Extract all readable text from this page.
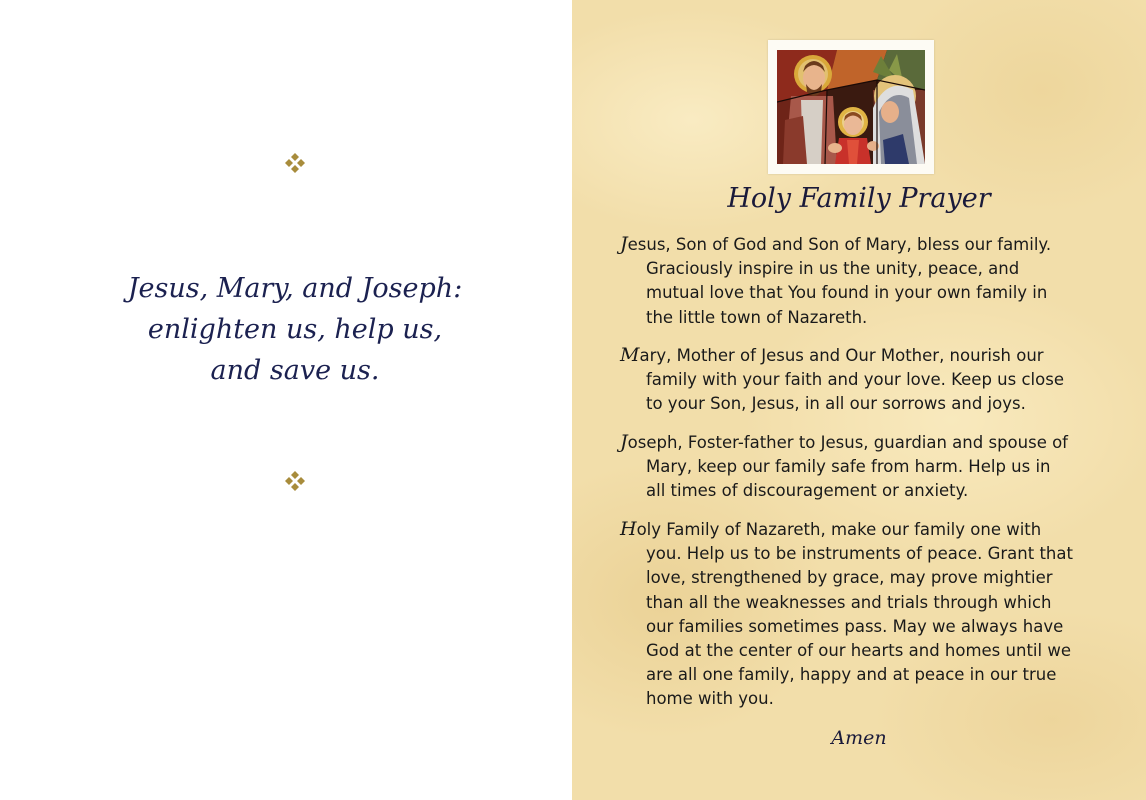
Jesus, Mary, and Joseph:
enlighten us, help us,
and save us.
Holy Family Prayer
Jesus, Son of God and Son of Mary, bless our family.
Graciously inspire in us the unity, peace, and
mutual love that You found in your own family in
the little town of Nazareth.
Mary, Mother of Jesus and Our Mother, nourish our
family with your faith and your love. Keep us close
to your Son, Jesus, in all our sorrows and joys.
Joseph, Foster-father to Jesus, guardian and spouse of
Mary, keep our family safe from harm. Help us in
all times of discouragement or anxiety.
Holy Family of Nazareth, make our family one with
you. Help us to be instruments of peace. Grant that
love, strengthened by grace, may prove mightier
than all the weaknesses and trials through which
our families sometimes pass. May we always have
God at the center of our hearts and homes until we
are all one family, happy and at peace in our true
home with you.
Amen
